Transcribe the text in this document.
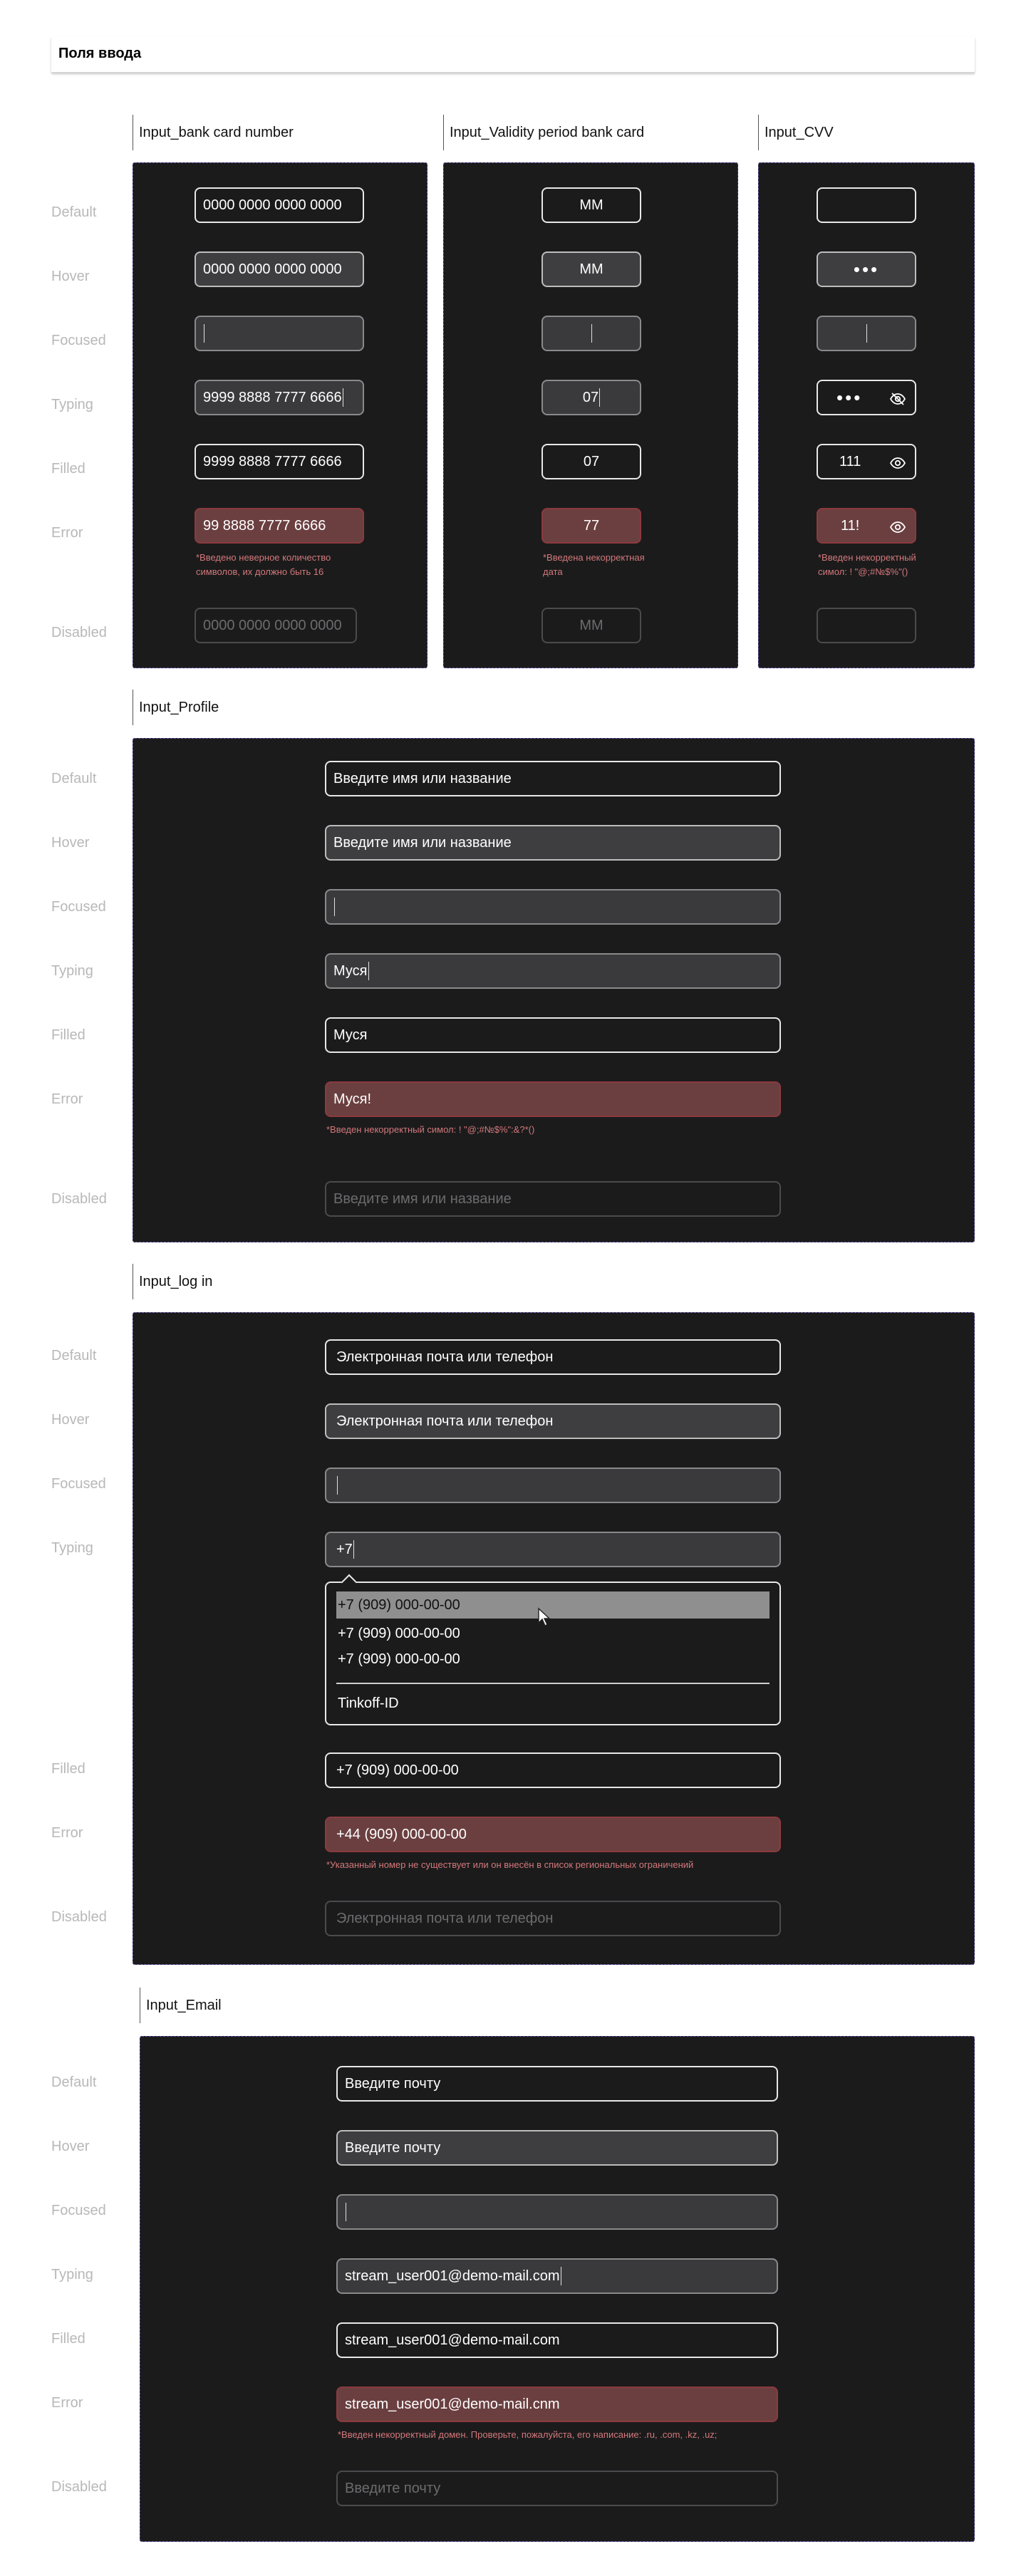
Поля ввода
Input_bank card number	Input_Validity period bank card	Input_CVV
Default
Hover
Focused
Typing
Filled
Error
Disabled
0000 0000 0000 0000
0000 0000 0000 0000
9999 8888 7777 6666
9999 8888 7777 6666
99 8888 7777 6666
*Введено неверное количество символов, их должно быть 16
0000 0000 0000 0000
MM
MM
07
07
77
*Введена некорректная дата
MM
•••
•••
111
11!
*Введен некорректный симол: ! "@;#№$%"()
Input_Profile
Default
Hover
Focused
Typing
Filled
Error
Disabled
Введите имя или название
Введите имя или название
Муся
Муся
Муся!
*Введен некорректный симол: ! "@;#№$%":&?*()
Введите имя или название
Input_log in
Default
Hover
Focused
Typing
Filled
Error
Disabled
Электронная почта или телефон
Электронная почта или телефон
+7
+7 (909) 000-00-00
+7 (909) 000-00-00
+7 (909) 000-00-00
Tinkoff-ID
+7 (909) 000-00-00
+44 (909) 000-00-00
*Указанный номер не существует или он внесён в список региональных ограничений
Электронная почта или телефон
Input_Email
Default
Hover
Focused
Typing
Filled
Error
Disabled
Введите почту
Введите почту
stream_user001@demo-mail.com
stream_user001@demo-mail.com
stream_user001@demo-mail.cnm
*Введен некорректный домен. Проверьте, пожалуйста, его написание: .ru, .com, .kz, .uz;
Введите почту
